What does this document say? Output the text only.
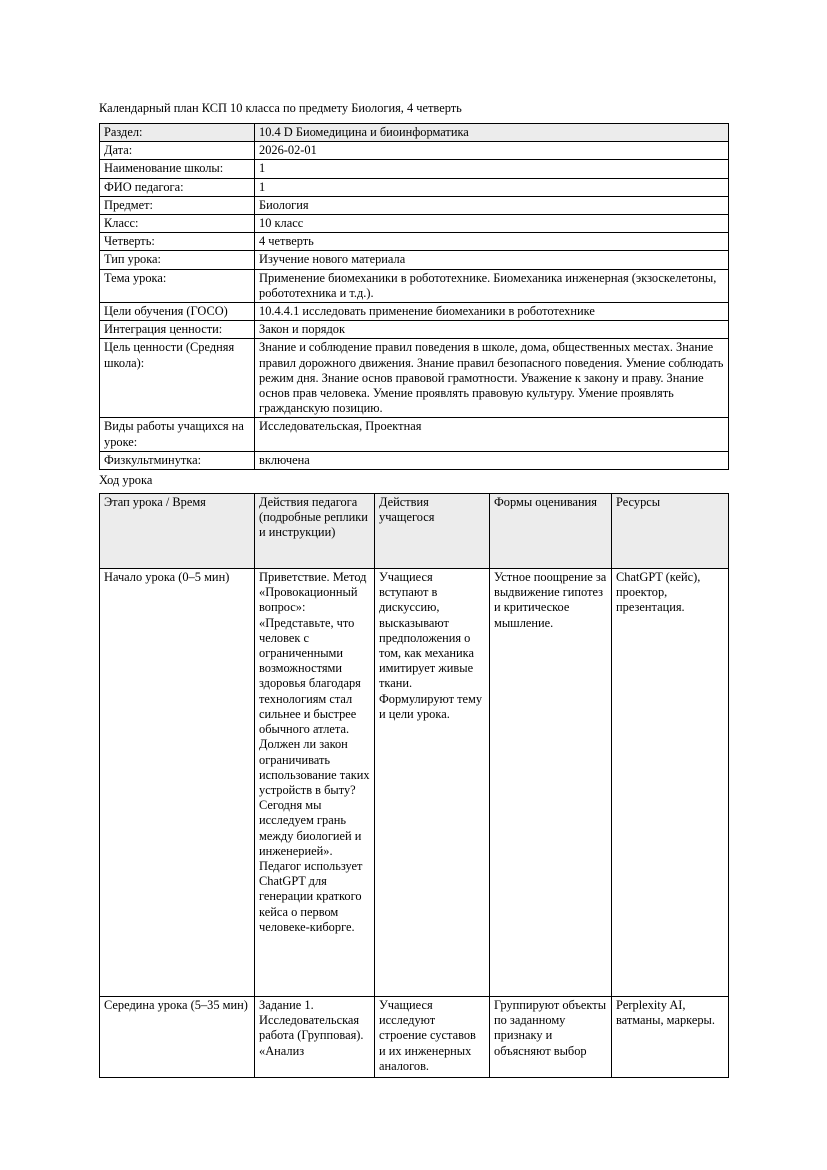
Календарный план КСП 10 класса по предмету Биология, 4 четверть
Раздел:	10.4 D Биомедицина и биоинформатика
Дата:	2026-02-01
Наименование школы:	1
ФИО педагога:	1
Предмет:	Биология
Класс:	10 класс
Четверть:	4 четверть
Тип урока:	Изучение нового материала
Тема урока:	Применение биомеханики в робототехнике. Биомеханика инженерная (экзоскелетоны, робототехника и т.д.).
Цели обучения (ГОСО)	10.4.4.1 исследовать применение биомеханики в робототехнике
Интеграция ценности:	Закон и порядок
Цель ценности (Средняя школа):	Знание и соблюдение правил поведения в школе, дома, общественных местах. Знание правил дорожного движения. Знание правил безопасного поведения. Умение соблюдать режим дня. Знание основ правовой грамотности. Уважение к закону и праву. Знание основ прав человека. Умение проявлять правовую культуру. Умение проявлять гражданскую позицию.
Виды работы учащихся на уроке:	Исследовательская, Проектная
Физкультминутка:	включена
Ход урока
Этап урока / Время	Действия педагога (подробные реплики и инструкции)	Действия учащегося	Формы оценивания	Ресурсы
Начало урока (0–5 мин)	Приветствие. Метод «Провокационный вопрос»: «Представьте, что человек с ограниченными возможностями здоровья благодаря технологиям стал сильнее и быстрее обычного атлета. Должен ли закон ограничивать использование таких устройств в быту? Сегодня мы исследуем грань между биологией и инженерией». Педагог использует ChatGPT для генерации краткого кейса о первом человеке-киборге.	Учащиеся вступают в дискуссию, высказывают предположения о том, как механика имитирует живые ткани. Формулируют тему и цели урока.	Устное поощрение за выдвижение гипотез и критическое мышление.	ChatGPT (кейс), проектор, презентация.
Середина урока (5–35 мин)	Задание 1. Исследовательская работа (Групповая). «Анализ	Учащиеся исследуют строение суставов и их инженерных аналогов.	Группируют объекты по заданному признаку и объясняют выбор	Perplexity AI, ватманы, маркеры.
